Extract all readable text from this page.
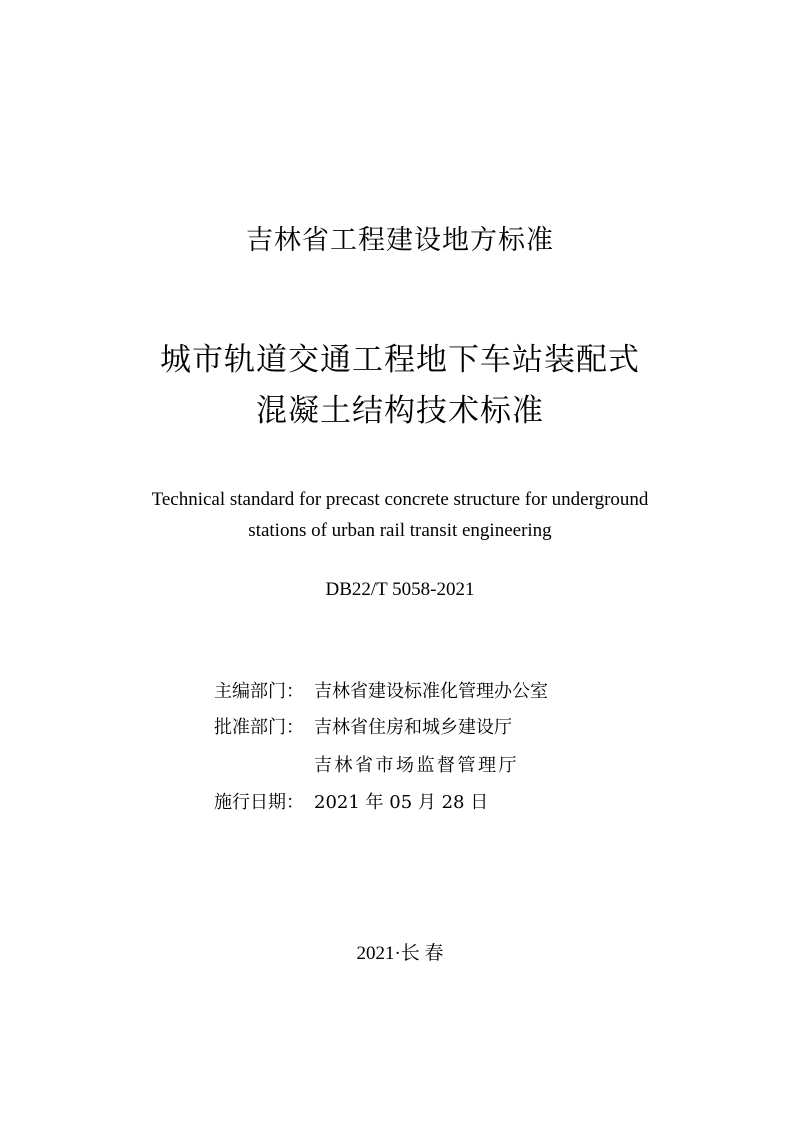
吉林省工程建设地方标准
城市轨道交通工程地下车站装配式
混凝土结构技术标准
Technical standard for precast concrete structure for underground
stations of urban rail transit engineering
DB22/T 5058-2021
主编部门： 吉林省建设标准化管理办公室
批准部门： 吉林省住房和城乡建设厅
吉林省市场监督管理厅
施行日期： 2021 年 05 月 28 日
2021·长 春
